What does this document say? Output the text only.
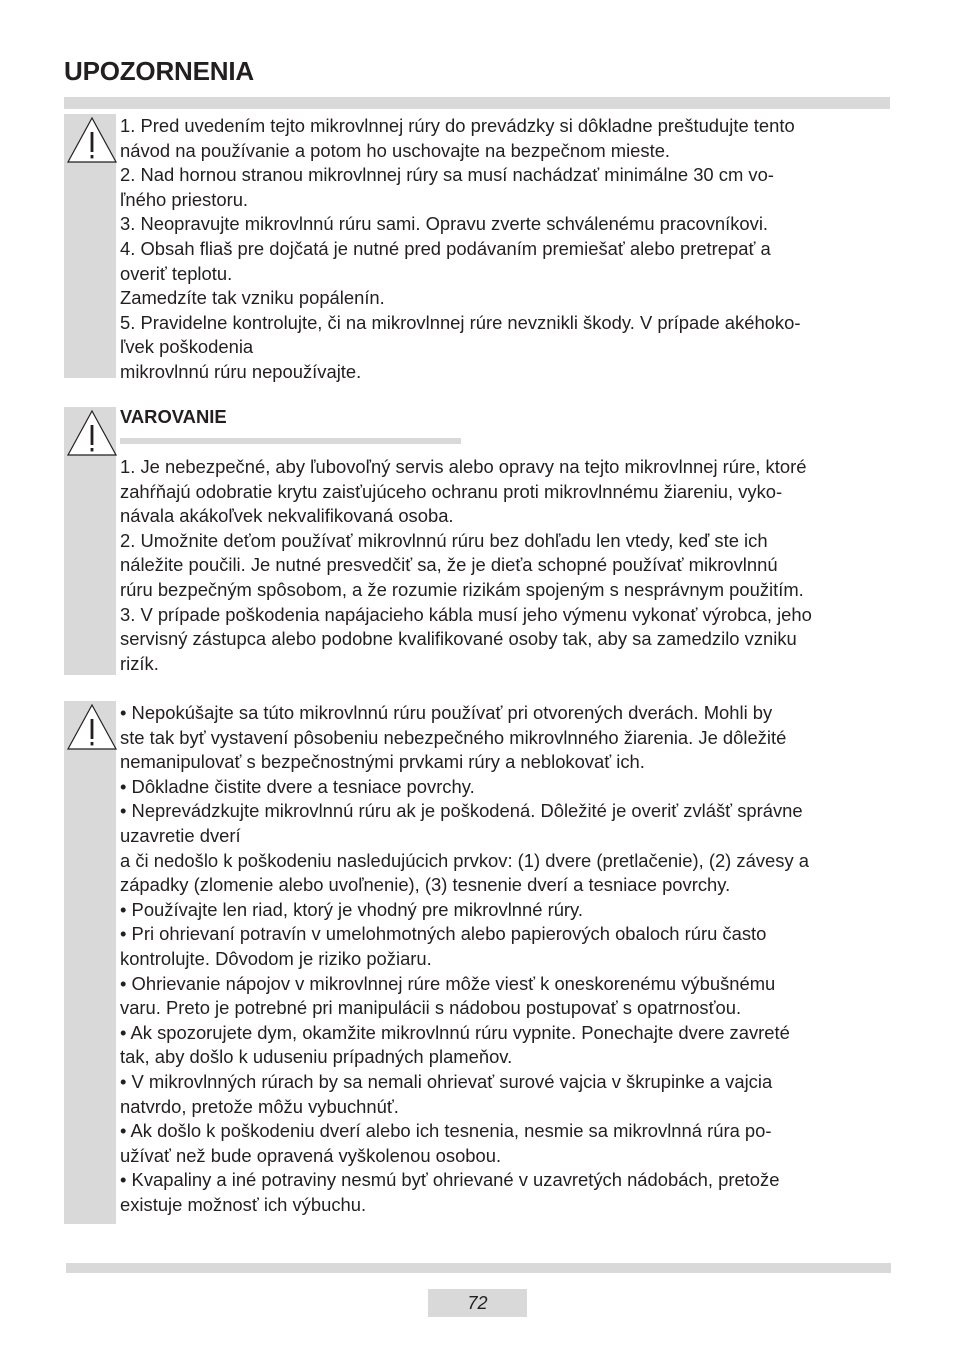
UPOZORNENIA
1. Pred uvedením tejto mikrovlnnej rúry do prevádzky si dôkladne preštudujte tento
návod na používanie a potom ho uschovajte na bezpečnom mieste.
2. Nad hornou stranou mikrovlnnej rúry sa musí nachádzať minimálne 30 cm vo-
ľného priestoru.
3. Neopravujte mikrovlnnú rúru sami. Opravu zverte schválenému pracovníkovi.
4. Obsah fliaš pre dojčatá je nutné pred podávaním premiešať alebo pretrepať a
overiť teplotu.
Zamedzíte tak vzniku popálenín.
5. Pravidelne kontrolujte, či na mikrovlnnej rúre nevznikli škody. V prípade akéhoko-
ľvek poškodenia
mikrovlnnú rúru nepoužívajte.
VAROVANIE
1. Je nebezpečné, aby ľubovoľný servis alebo opravy na tejto mikrovlnnej rúre, ktoré
zahŕňajú odobratie krytu zaisťujúceho ochranu proti mikrovlnnému žiareniu, vyko-
návala akákoľvek nekvalifikovaná osoba.
2. Umožnite deťom používať mikrovlnnú rúru bez dohľadu len vtedy, keď ste ich
náležite poučili. Je nutné presvedčiť sa, že je dieťa schopné používať mikrovlnnú
rúru bezpečným spôsobom, a že rozumie rizikám spojeným s nesprávnym použitím.
3. V prípade poškodenia napájacieho kábla musí jeho výmenu vykonať výrobca, jeho
servisný zástupca alebo podobne kvalifikované osoby tak, aby sa zamedzilo vzniku
rizík.
• Nepokúšajte sa túto mikrovlnnú rúru používať pri otvorených dverách. Mohli by
ste tak byť vystavení pôsobeniu nebezpečného mikrovlnného žiarenia. Je dôležité
nemanipulovať s bezpečnostnými prvkami rúry a neblokovať ich.
• Dôkladne čistite dvere a tesniace povrchy.
• Neprevádzkujte mikrovlnnú rúru ak je poškodená. Dôležité je overiť zvlášť správne
uzavretie dverí
a či nedošlo k poškodeniu nasledujúcich prvkov: (1) dvere (pretlačenie), (2) závesy a
západky (zlomenie alebo uvoľnenie), (3) tesnenie dverí a tesniace povrchy.
• Používajte len riad, ktorý je vhodný pre mikrovlnné rúry.
• Pri ohrievaní potravín v umelohmotných alebo papierových obaloch rúru často
kontrolujte. Dôvodom je riziko požiaru.
• Ohrievanie nápojov v mikrovlnnej rúre môže viesť k oneskorenému výbušnému
varu. Preto je potrebné pri manipulácii s nádobou postupovať s opatrnosťou.
• Ak spozorujete dym, okamžite mikrovlnnú rúru vypnite. Ponechajte dvere zavreté
tak, aby došlo k uduseniu prípadných plameňov.
• V mikrovlnných rúrach by sa nemali ohrievať surové vajcia v škrupinke a vajcia
natvrdo, pretože môžu vybuchnúť.
• Ak došlo k poškodeniu dverí alebo ich tesnenia, nesmie sa mikrovlnná rúra po-
užívať než bude opravená vyškolenou osobou.
• Kvapaliny a iné potraviny nesmú byť ohrievané v uzavretých nádobách, pretože
existuje možnosť ich výbuchu.
72
